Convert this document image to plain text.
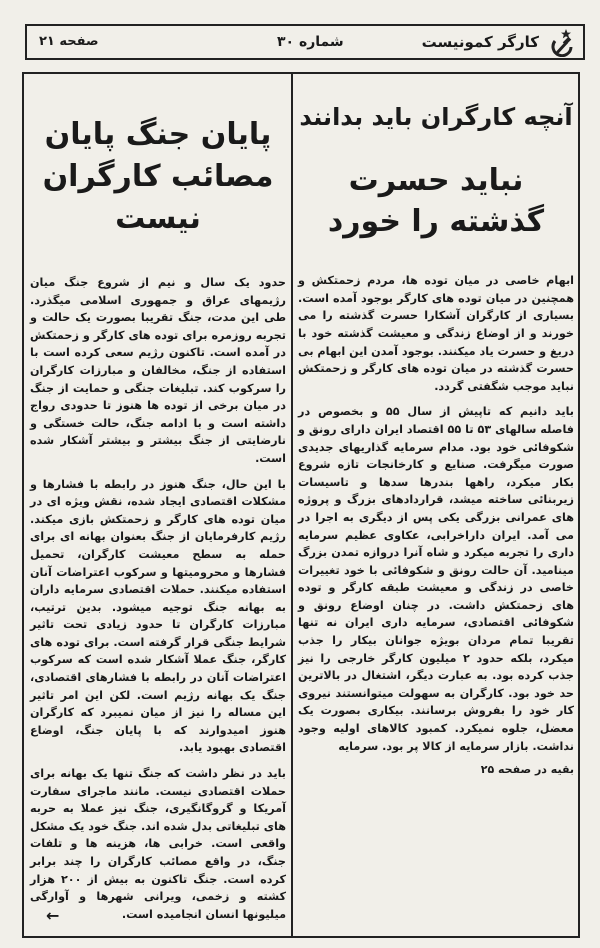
کارگر کمونیست
شماره ۳۰
صفحه ۲۱
آنچه کارگران باید بدانند
نباید حسرت گذشته را خورد

ابهام خاصی در میان توده ها، مردم زحمتکش و همچنین در میان توده های کارگر بوجود آمده است. بسیاری از کارگران آشکارا حسرت گذشته را می خورند و از اوضاع زندگی و معیشت گذشته خود با دریغ و حسرت یاد میکنند. بوجود آمدن این ابهام بی حسرت گذشته در میان توده های کارگر و زحمتکش نباید موجب شگفتی گردد.

باید دانیم که تاپیش از سال ۵۵ و بخصوص در فاصله سالهای ۵۳ تا ۵۵ اقتصاد ایران دارای رونق و شکوفائی خود بود. مدام سرمایه گذاریهای جدیدی صورت میگرفت. صنایع و کارخانجات تازه شروع بکار میکرد، راهها بندرها سدها و تاسیسات زیربنائی ساخته میشد، قراردادهای بزرگ و پروژه های عمرانی بزرگی یکی پس از دیگری به اجرا در می آمد. ایران داراخرابی، عکاوی عظیم سرمایه داری را تجربه میکرد و شاه آنرا دروازه تمدن بزرگ مینامید. آن حالت رونق و شکوفائی با خود تغییرات خاصی در زندگی و معیشت طبقه کارگر و توده های زحمتکش داشت. در چنان اوضاع رونق و شکوفائی اقتصادی، سرمایه داری ایران نه تنها تقریبا تمام مردان بویژه جوانان بیکار را جذب میکرد، بلکه حدود ۲ میلیون کارگر خارجی را نیز جذب کرده بود. به عبارت دیگر، اشتغال در بالاترین حد خود بود. کارگران به سهولت میتوانستند نیروی کار خود را بفروش برسانند. بیکاری بصورت یک معضل، جلوه نمیکرد. کمبود کالاهای اولیه وجود نداشت. بازار سرمایه از کالا پر بود. سرمایه

بقیه در صفحه ۲۵
پایان جنگ پایان مصائب کارگران نیست

حدود یک سال و نیم از شروع جنگ میان رژیمهای عراق و جمهوری اسلامی میگذرد. طی این مدت، جنگ تقریبا بصورت یک حالت و تجربه روزمره برای توده های کارگر و زحمتکش در آمده است. تاکنون رژیم سعی کرده است با استفاده از جنگ، مخالفان و مبارزات کارگران را سرکوب کند. تبلیغات جنگی و حمایت از جنگ در میان برخی از توده ها هنوز تا حدودی رواج داشته است و با ادامه جنگ، حالت خستگی و نارضایتی از جنگ بیشتر و بیشتر آشکار شده است.

با این حال، جنگ هنوز در رابطه با فشارها و مشکلات اقتصادی ایجاد شده، نقش ویژه ای در میان توده های کارگر و زحمتکش بازی میکند. رژیم کارفرمایان از جنگ بعنوان بهانه ای برای حمله به سطح معیشت کارگران، تحمیل فشارها و محرومیتها و سرکوب اعتراضات آنان استفاده میکنند. حملات اقتصادی سرمایه داران به بهانه جنگ توجیه میشود. بدین ترتیب، مبارزات کارگران تا حدود زیادی تحت تاثیر شرایط جنگی قرار گرفته است. برای توده های کارگر، جنگ عملا آشکار شده است که سرکوب اعتراضات آنان در رابطه با فشارهای اقتصادی، جنگ یک بهانه رژیم است. لکن این امر تاثیر این مساله را نیز از میان نمیبرد که کارگران هنوز امیدوارند که با پایان جنگ، اوضاع اقتصادی بهبود یابد.

باید در نظر داشت که جنگ تنها یک بهانه برای حملات اقتصادی نیست. مانند ماجرای سفارت آمریکا و گروگانگیری، جنگ نیز عملا به حربه های تبلیغاتی بدل شده اند. جنگ خود یک مشکل واقعی است. خرابی ها، هزینه ها و تلفات جنگ، در واقع مصائب کارگران را چند برابر کرده است. جنگ تاکنون به بیش از ۲۰۰ هزار کشته و زخمی، ویرانی شهرها و آوارگی میلیونها انسان انجامیده است.

←
